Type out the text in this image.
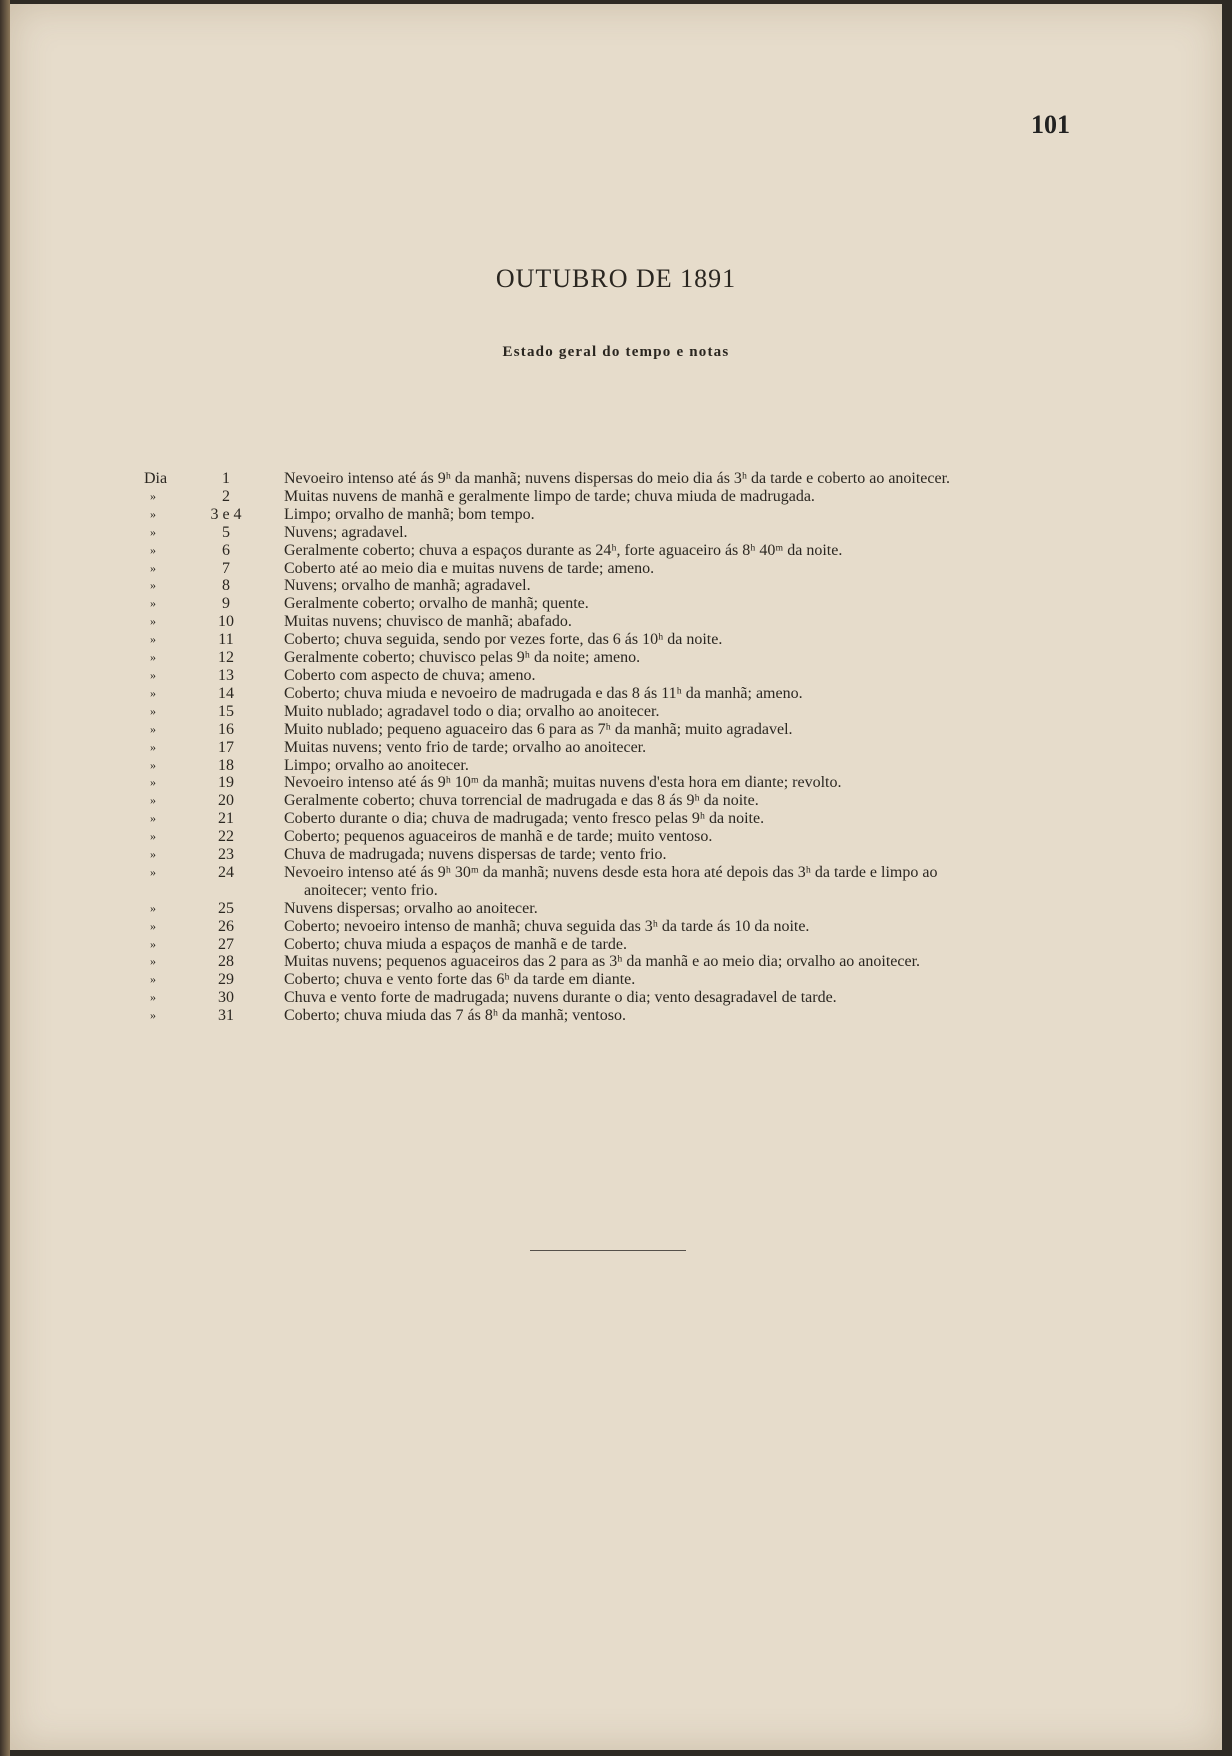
101
OUTUBRO DE 1891
Estado geral do tempo e notas
Dia	1	Nevoeiro intenso até ás 9ʰ da manhã; nuvens dispersas do meio dia ás 3ʰ da tarde e coberto ao anoitecer.
»	2	Muitas nuvens de manhã e geralmente limpo de tarde; chuva miuda de madrugada.
»	3 e 4	Limpo; orvalho de manhã; bom tempo.
»	5	Nuvens; agradavel.
»	6	Geralmente coberto; chuva a espaços durante as 24ʰ, forte aguaceiro ás 8ʰ 40ᵐ da noite.
»	7	Coberto até ao meio dia e muitas nuvens de tarde; ameno.
»	8	Nuvens; orvalho de manhã; agradavel.
»	9	Geralmente coberto; orvalho de manhã; quente.
»	10	Muitas nuvens; chuvisco de manhã; abafado.
»	11	Coberto; chuva seguida, sendo por vezes forte, das 6 ás 10ʰ da noite.
»	12	Geralmente coberto; chuvisco pelas 9ʰ da noite; ameno.
»	13	Coberto com aspecto de chuva; ameno.
»	14	Coberto; chuva miuda e nevoeiro de madrugada e das 8 ás 11ʰ da manhã; ameno.
»	15	Muito nublado; agradavel todo o dia; orvalho ao anoitecer.
»	16	Muito nublado; pequeno aguaceiro das 6 para as 7ʰ da manhã; muito agradavel.
»	17	Muitas nuvens; vento frio de tarde; orvalho ao anoitecer.
»	18	Limpo; orvalho ao anoitecer.
»	19	Nevoeiro intenso até ás 9ʰ 10ᵐ da manhã; muitas nuvens d'esta hora em diante; revolto.
»	20	Geralmente coberto; chuva torrencial de madrugada e das 8 ás 9ʰ da noite.
»	21	Coberto durante o dia; chuva de madrugada; vento fresco pelas 9ʰ da noite.
»	22	Coberto; pequenos aguaceiros de manhã e de tarde; muito ventoso.
»	23	Chuva de madrugada; nuvens dispersas de tarde; vento frio.
»	24	Nevoeiro intenso até ás 9ʰ 30ᵐ da manhã; nuvens desde esta hora até depois das 3ʰ da tarde e limpo ao
anoitecer; vento frio.
»	25	Nuvens dispersas; orvalho ao anoitecer.
»	26	Coberto; nevoeiro intenso de manhã; chuva seguida das 3ʰ da tarde ás 10 da noite.
»	27	Coberto; chuva miuda a espaços de manhã e de tarde.
»	28	Muitas nuvens; pequenos aguaceiros das 2 para as 3ʰ da manhã e ao meio dia; orvalho ao anoitecer.
»	29	Coberto; chuva e vento forte das 6ʰ da tarde em diante.
»	30	Chuva e vento forte de madrugada; nuvens durante o dia; vento desagradavel de tarde.
»	31	Coberto; chuva miuda das 7 ás 8ʰ da manhã; ventoso.
